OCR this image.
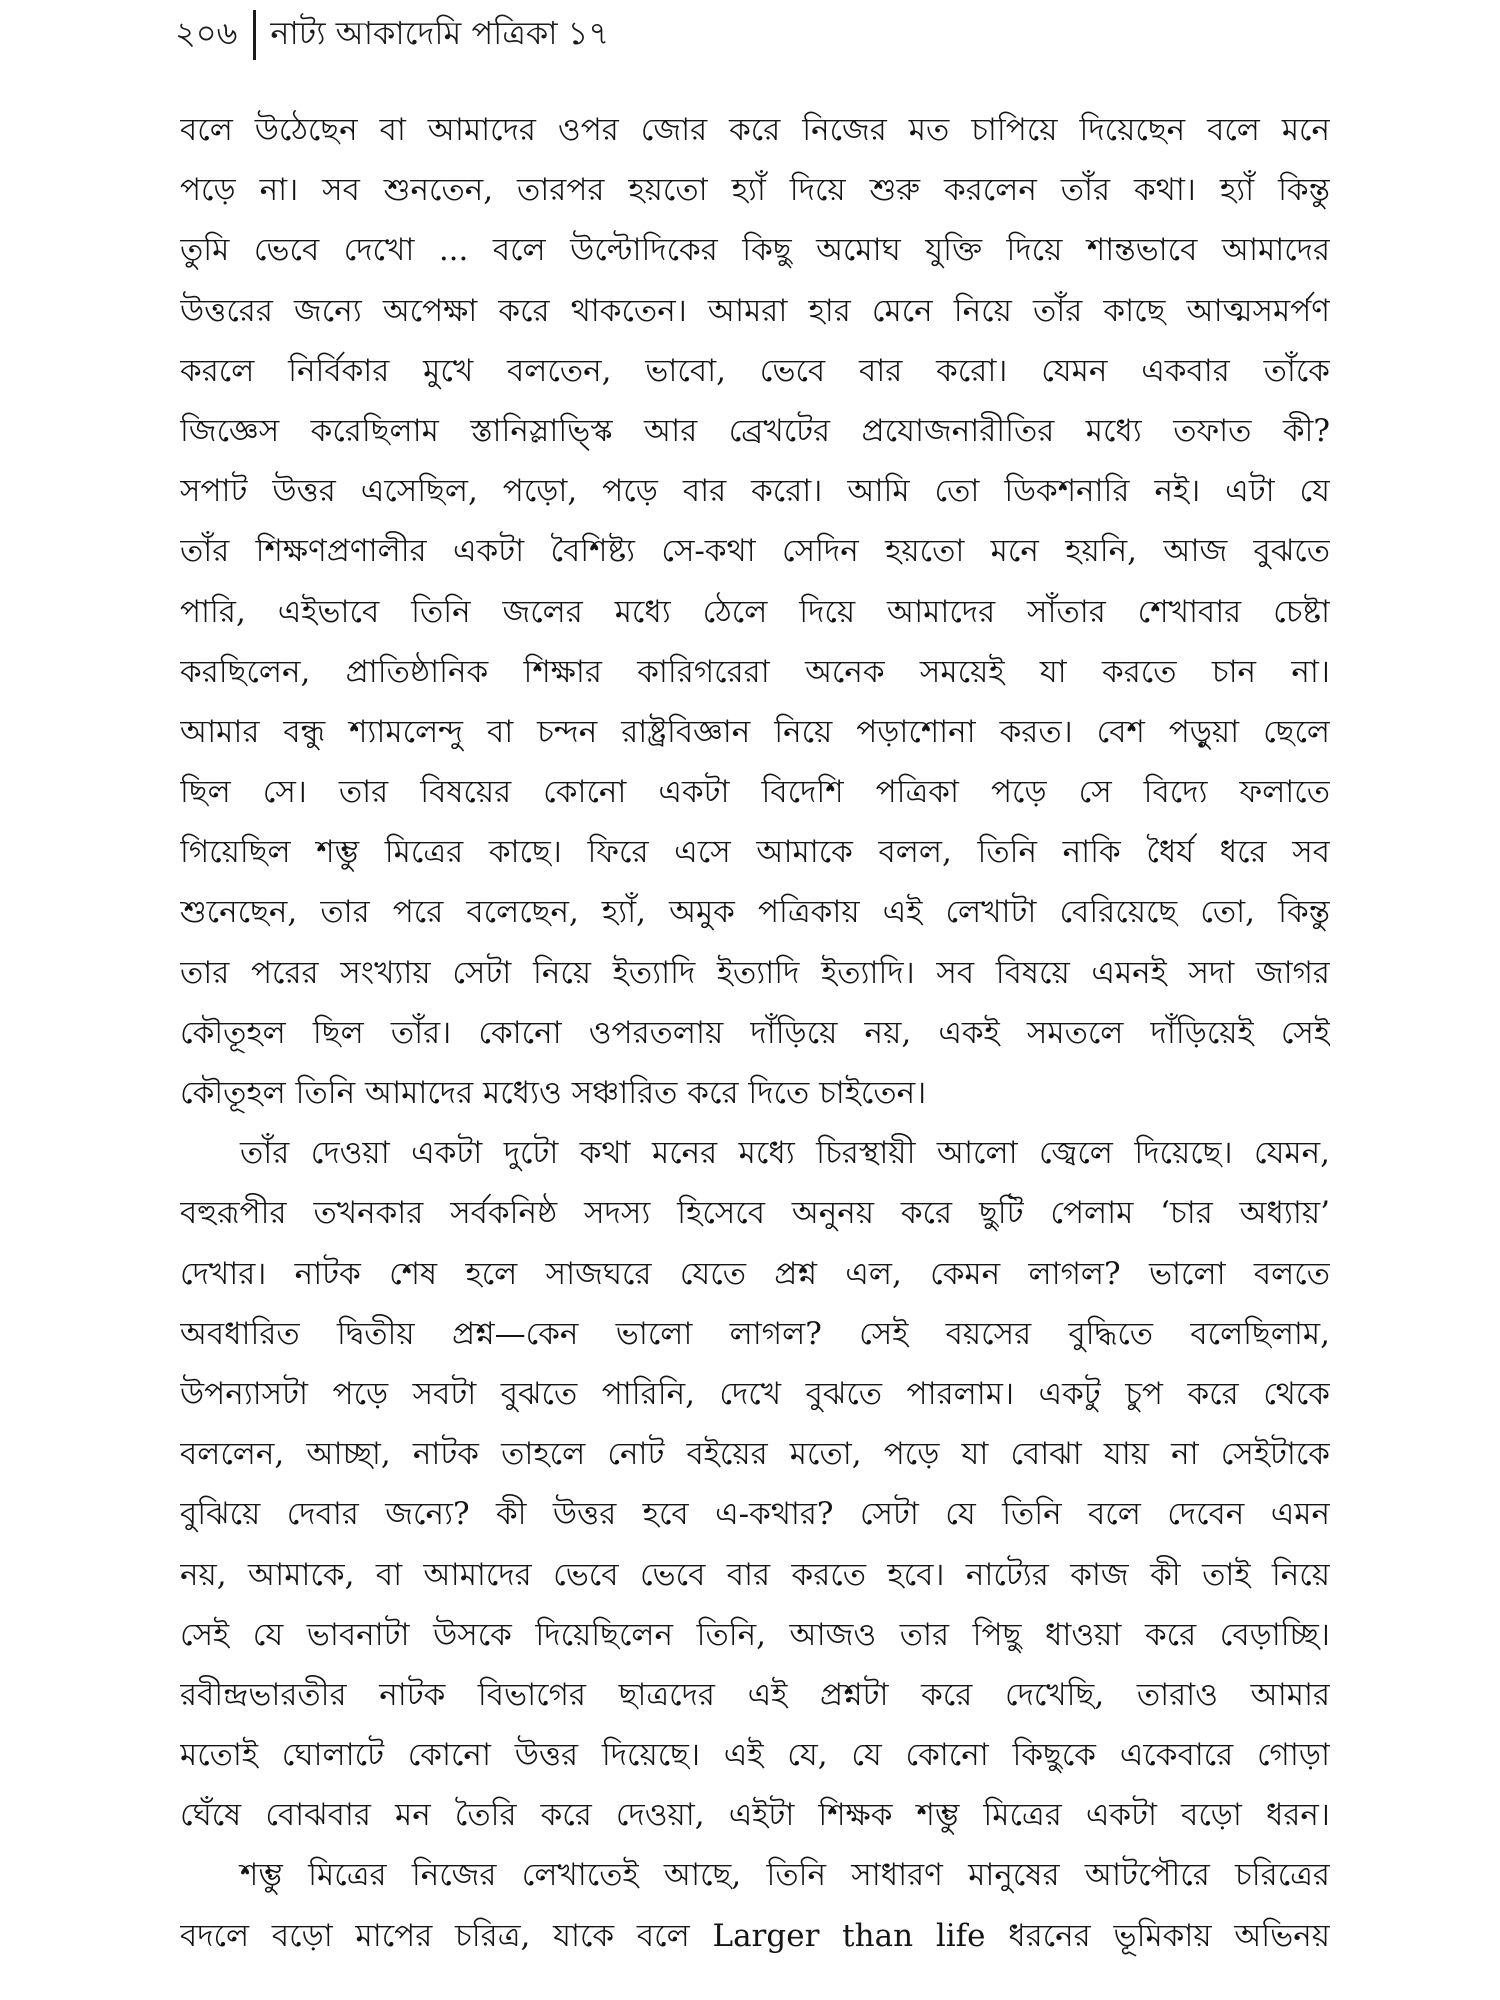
২০৬	নাট্য আকাদেমি পত্রিকা ১৭
বলে উঠেছেন বা আমাদের ওপর জোর করে নিজের মত চাপিয়ে দিয়েছেন বলে মনে
পড়ে না। সব শুনতেন, তারপর হয়তো হ্যাঁ দিয়ে শুরু করলেন তাঁর কথা। হ্যাঁ কিন্তু
তুমি ভেবে দেখো ... বলে উল্টোদিকের কিছু অমোঘ যুক্তি দিয়ে শান্তভাবে আমাদের
উত্তরের জন্যে অপেক্ষা করে থাকতেন। আমরা হার মেনে নিয়ে তাঁর কাছে আত্মসমর্পণ
করলে নির্বিকার মুখে বলতেন, ভাবো, ভেবে বার করো। যেমন একবার তাঁকে
জিজ্ঞেস করেছিলাম স্তানিস্লাভ্স্কি আর ব্রেখটের প্রযোজনারীতির মধ্যে তফাত কী?
সপাট উত্তর এসেছিল, পড়ো, পড়ে বার করো। আমি তো ডিকশনারি নই। এটা যে
তাঁর শিক্ষণপ্রণালীর একটা বৈশিষ্ট্য সে-কথা সেদিন হয়তো মনে হয়নি, আজ বুঝতে
পারি, এইভাবে তিনি জলের মধ্যে ঠেলে দিয়ে আমাদের সাঁতার শেখাবার চেষ্টা
করছিলেন, প্রাতিষ্ঠানিক শিক্ষার কারিগরেরা অনেক সময়েই যা করতে চান না।
আমার বন্ধু শ্যামলেন্দু বা চন্দন রাষ্ট্রবিজ্ঞান নিয়ে পড়াশোনা করত। বেশ পড়ুয়া ছেলে
ছিল সে। তার বিষয়ের কোনো একটা বিদেশি পত্রিকা পড়ে সে বিদ্যে ফলাতে
গিয়েছিল শম্ভু মিত্রের কাছে। ফিরে এসে আমাকে বলল, তিনি নাকি ধৈর্য ধরে সব
শুনেছেন, তার পরে বলেছেন, হ্যাঁ, অমুক পত্রিকায় এই লেখাটা বেরিয়েছে তো, কিন্তু
তার পরের সংখ্যায় সেটা নিয়ে ইত্যাদি ইত্যাদি ইত্যাদি। সব বিষয়ে এমনই সদা জাগর
কৌতূহল ছিল তাঁর। কোনো ওপরতলায় দাঁড়িয়ে নয়, একই সমতলে দাঁড়িয়েই সেই
কৌতূহল তিনি আমাদের মধ্যেও সঞ্চারিত করে দিতে চাইতেন।
তাঁর দেওয়া একটা দুটো কথা মনের মধ্যে চিরস্থায়ী আলো জ্বেলে দিয়েছে। যেমন,
বহুরূপীর তখনকার সর্বকনিষ্ঠ সদস্য হিসেবে অনুনয় করে ছুটি পেলাম ‘চার অধ্যায়’
দেখার। নাটক শেষ হলে সাজঘরে যেতে প্রশ্ন এল, কেমন লাগল? ভালো বলতে
অবধারিত দ্বিতীয় প্রশ্ন—কেন ভালো লাগল? সেই বয়সের বুদ্ধিতে বলেছিলাম,
উপন্যাসটা পড়ে সবটা বুঝতে পারিনি, দেখে বুঝতে পারলাম। একটু চুপ করে থেকে
বললেন, আচ্ছা, নাটক তাহলে নোট বইয়ের মতো, পড়ে যা বোঝা যায় না সেইটাকে
বুঝিয়ে দেবার জন্যে? কী উত্তর হবে এ-কথার? সেটা যে তিনি বলে দেবেন এমন
নয়, আমাকে, বা আমাদের ভেবে ভেবে বার করতে হবে। নাট্যের কাজ কী তাই নিয়ে
সেই যে ভাবনাটা উসকে দিয়েছিলেন তিনি, আজও তার পিছু ধাওয়া করে বেড়াচ্ছি।
রবীন্দ্রভারতীর নাটক বিভাগের ছাত্রদের এই প্রশ্নটা করে দেখেছি, তারাও আমার
মতোই ঘোলাটে কোনো উত্তর দিয়েছে। এই যে, যে কোনো কিছুকে একেবারে গোড়া
ঘেঁষে বোঝবার মন তৈরি করে দেওয়া, এইটা শিক্ষক শম্ভু মিত্রের একটা বড়ো ধরন।
শম্ভু মিত্রের নিজের লেখাতেই আছে, তিনি সাধারণ মানুষের আটপৌরে চরিত্রের
বদলে বড়ো মাপের চরিত্র, যাকে বলে Larger than life ধরনের ভূমিকায় অভিনয়
